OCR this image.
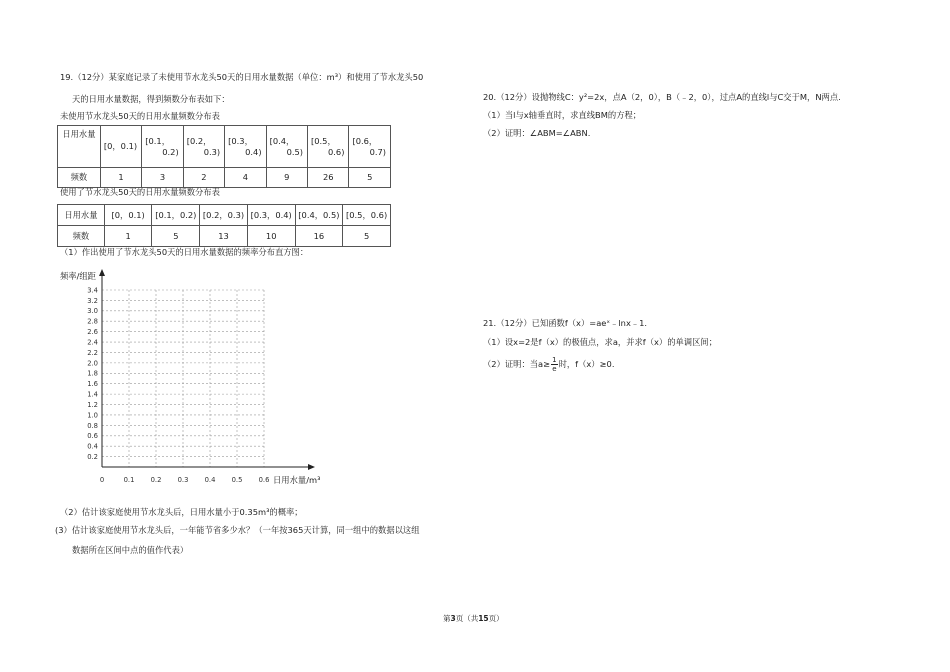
19.（12分）某家庭记录了未使用节水龙头50天的日用水量数据（单位：m³）和使用了节水龙头50
天的日用水量数据，得到频数分布表如下：
未使用节水龙头50天的日用水量频数分布表
日用水量	[0，0.1)	[0.1，
0.2)	[0.2，
0.3)	[0.3，
0.4)	[0.4，
0.5)	[0.5，
0.6)	[0.6，
0.7)

频数	1	3	2	4	9	26	5
使用了节水龙头50天的日用水量频数分布表
日用水量	[0，0.1)	[0.1，0.2)	[0.2，0.3)	[0.3，0.4)	[0.4，0.5)	[0.5，0.6)
频数	1	5	13	10	16	5
（1）作出使用了节水龙头50天的日用水量数据的频率分布直方图：
0.2
0.4
0.6
0.8
1.0
1.2
1.4
1.6
1.8
2.0
2.2
2.4
2.6
2.8
3.0
3.2
3.4
0	0.1 0.2 0.3 0.4 0.5 0.6
频率/组距
日用水量/m³
（2）估计该家庭使用节水龙头后，日用水量小于0.35m³的概率；
(3）估计该家庭使用节水龙头后，一年能节省多少水？（一年按365天计算，同一组中的数据以这组
数据所在区间中点的值作代表）
20.（12分）设抛物线C：y²=2x，点A（2，0），B（﹣2，0），过点A的直线l与C交于M，N两点.
（1）当l与x轴垂直时，求直线BM的方程；
（2）证明：∠ABM=∠ABN.
21.（12分）已知函数f（x）=aeˣ﹣lnx﹣1.
（1）设x=2是f（x）的极值点，求a，并求f（x）的单调区间；
（2）证明：当$a\ge \frac{1}{e}$ 时，f（x）≥0.
第3页（共15页）
